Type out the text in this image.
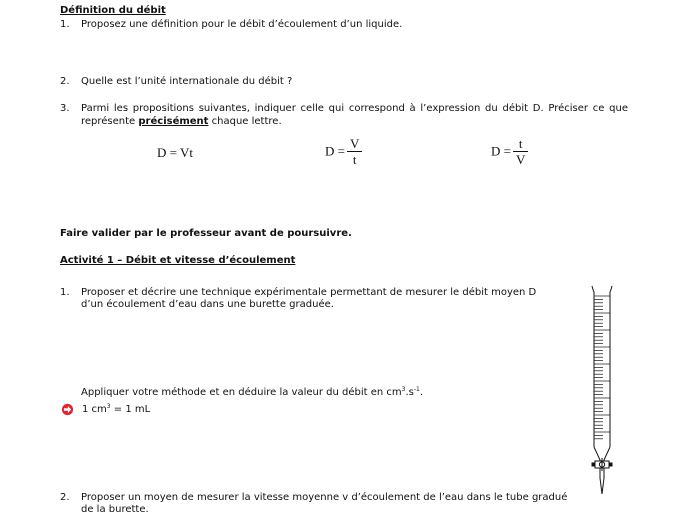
Définition du débit
1. Proposez une définition pour le débit d’écoulement d’un liquide.
2. Quelle est l’unité internationale du débit ?
3. Parmi les propositions suivantes, indiquer celle qui correspond à l’expression du débit D. Préciser ce que
représente précisément chaque lettre.
D = Vt	$D = \frac{V}{t}$	$D = \frac{t}{V}$
Faire valider par le professeur avant de poursuivre.
Activité 1 – Débit et vitesse d’écoulement
1. Proposer et décrire une technique expérimentale permettant de mesurer le débit moyen D
d’un écoulement d’eau dans une burette graduée.
Appliquer votre méthode et en déduire la valeur du débit en $cm^3.s^{-1}$.
1 $cm^3 = 1$ mL
2. Proposer un moyen de mesurer la vitesse moyenne v d’écoulement de l’eau dans le tube gradué
de la burette.
